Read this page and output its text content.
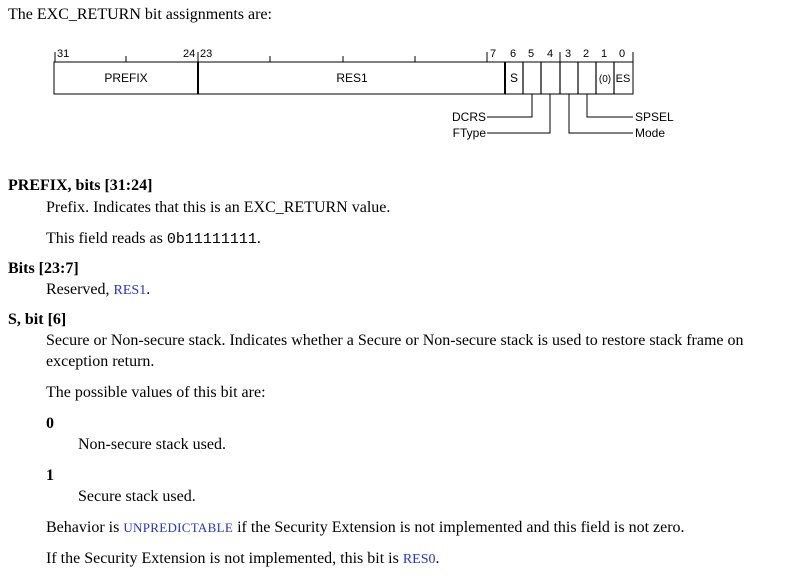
The EXC_RETURN bit assignments are:
31	24 23	7 6 5 4 3 2 1 0
PREFIX	RES1	S	(0) ES
DCRS
FType
SPSEL
Mode
PREFIX, bits [31:24]
Prefix. Indicates that this is an EXC_RETURN value.
This field reads as 0b11111111.
Bits [23:7]
Reserved, RES1.
S, bit [6]
Secure or Non-secure stack. Indicates whether a Secure or Non-secure stack is used to restore stack frame on
exception return.
The possible values of this bit are:
0
Non-secure stack used.
1
Secure stack used.
Behavior is UNPREDICTABLE if the Security Extension is not implemented and this field is not zero.
If the Security Extension is not implemented, this bit is RES0.
